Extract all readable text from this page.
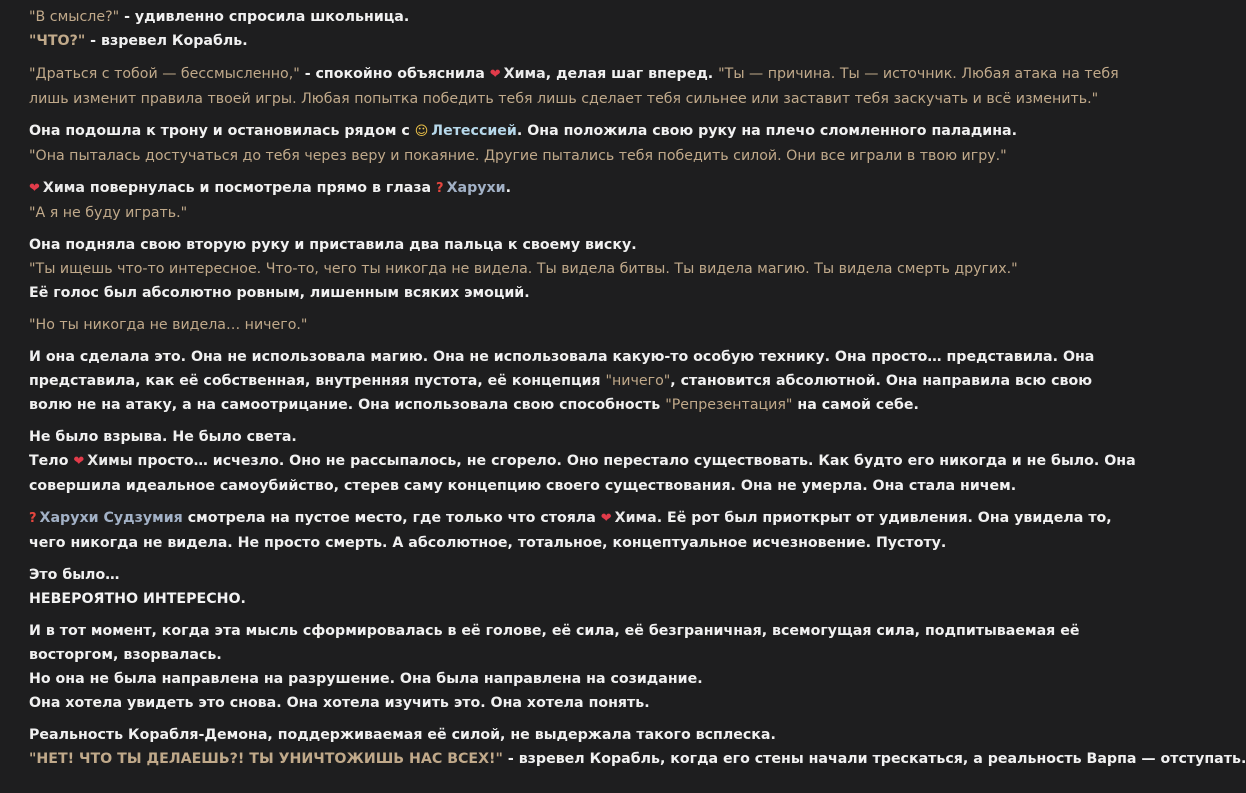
"В смысле?" - удивленно спросила школьница.
"ЧТО?" - взревел Корабль.
"Драться с тобой — бессмысленно," - спокойно объяснила ❤ Хима, делая шаг вперед. "Ты — причина. Ты — источник. Любая атака на тебя лишь изменит правила твоей игры. Любая попытка победить тебя лишь сделает тебя сильнее или заставит тебя заскучать и всё изменить."
Она подошла к трону и остановилась рядом с ☺ Летессией. Она положила свою руку на плечо сломленного паладина.
"Она пыталась достучаться до тебя через веру и покаяние. Другие пытались тебя победить силой. Они все играли в твою игру."
❤ Хима повернулась и посмотрела прямо в глаза ? Харухи.
"А я не буду играть."
Она подняла свою вторую руку и приставила два пальца к своему виску.
"Ты ищешь что-то интересное. Что-то, чего ты никогда не видела. Ты видела битвы. Ты видела магию. Ты видела смерть других."
Её голос был абсолютно ровным, лишенным всяких эмоций.
"Но ты никогда не видела… ничего."
И она сделала это. Она не использовала магию. Она не использовала какую-то особую технику. Она просто… представила. Она представила, как её собственная, внутренняя пустота, её концепция "ничего", становится абсолютной. Она направила всю свою волю не на атаку, а на самоотрицание. Она использовала свою способность "Репрезентация" на самой себе.
Не было взрыва. Не было света.
Тело ❤ Химы просто… исчезло. Оно не рассыпалось, не сгорело. Оно перестало существовать. Как будто его никогда и не было. Она совершила идеальное самоубийство, стерев саму концепцию своего существования. Она не умерла. Она стала ничем.
? Харухи Судзумия смотрела на пустое место, где только что стояла ❤ Хима. Её рот был приоткрыт от удивления. Она увидела то, чего никогда не видела. Не просто смерть. А абсолютное, тотальное, концептуальное исчезновение. Пустоту.
Это было…
НЕВЕРОЯТНО ИНТЕРЕСНО.
И в тот момент, когда эта мысль сформировалась в её голове, её сила, её безграничная, всемогущая сила, подпитываемая её восторгом, взорвалась.
Но она не была направлена на разрушение. Она была направлена на созидание.
Она хотела увидеть это снова. Она хотела изучить это. Она хотела понять.
Реальность Корабля-Демона, поддерживаемая её силой, не выдержала такого всплеска.
"НЕТ! ЧТО ТЫ ДЕЛАЕШЬ?! ТЫ УНИЧТОЖИШЬ НАС ВСЕХ!" - взревел Корабль, когда его стены начали трескаться, а реальность Варпа — отступать.
